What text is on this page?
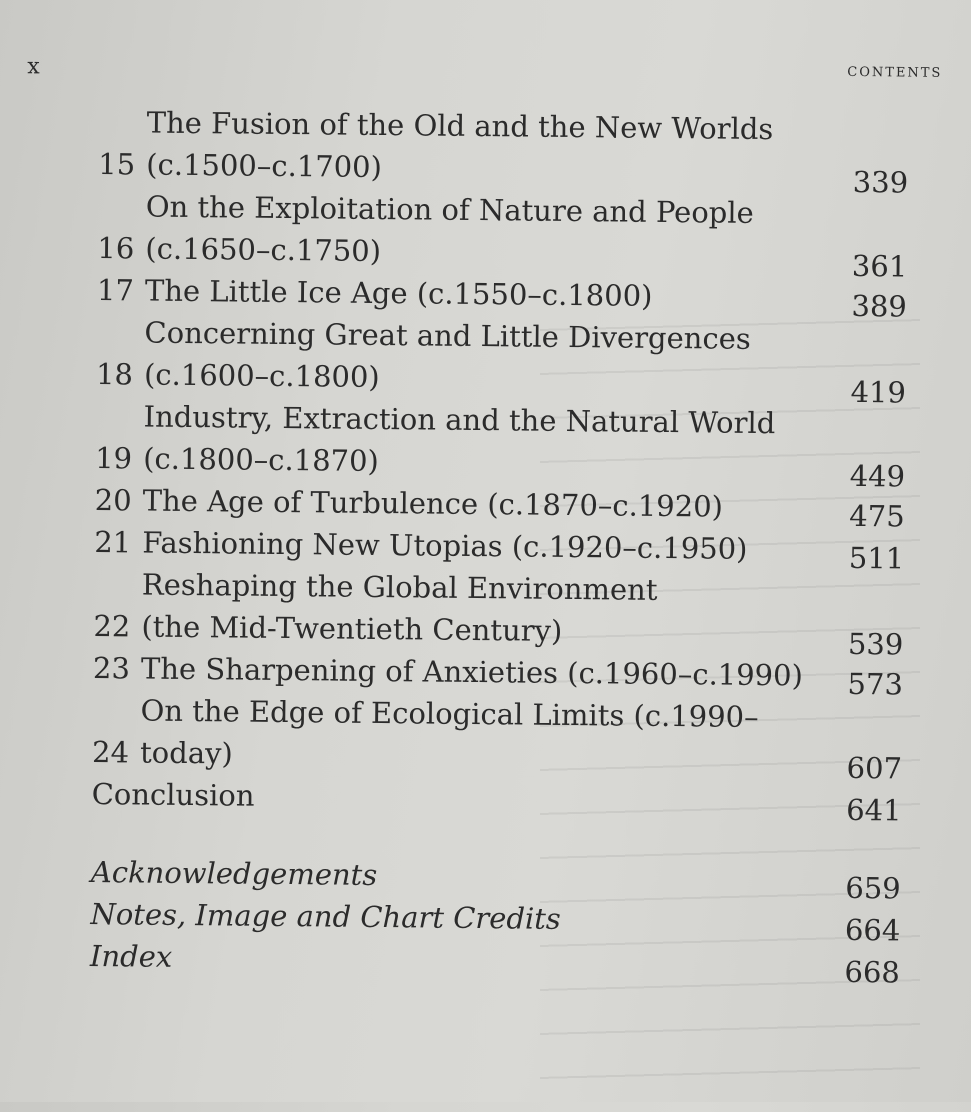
x	contents
15
The Fusion of the Old and the New Worlds
(c.1500–c.1700)	339
16
On the Exploitation of Nature and People
(c.1650–c.1750)	361
17 The Little Ice Age (c.1550–c.1800)	389
18
Concerning Great and Little Divergences
(c.1600–c.1800)	419
19
Industry, Extraction and the Natural World
(c.1800–c.1870)	449
20 The Age of Turbulence (c.1870–c.1920)	475
21 Fashioning New Utopias (c.1920–c.1950)	511
22
Reshaping the Global Environment
(the Mid-Twentieth Century)	539
23 The Sharpening of Anxieties (c.1960–c.1990)	573
24
On the Edge of Ecological Limits (c.1990–today)	607
Conclusion	641
Acknowledgements	659
Notes, Image and Chart Credits	664
Index	668
